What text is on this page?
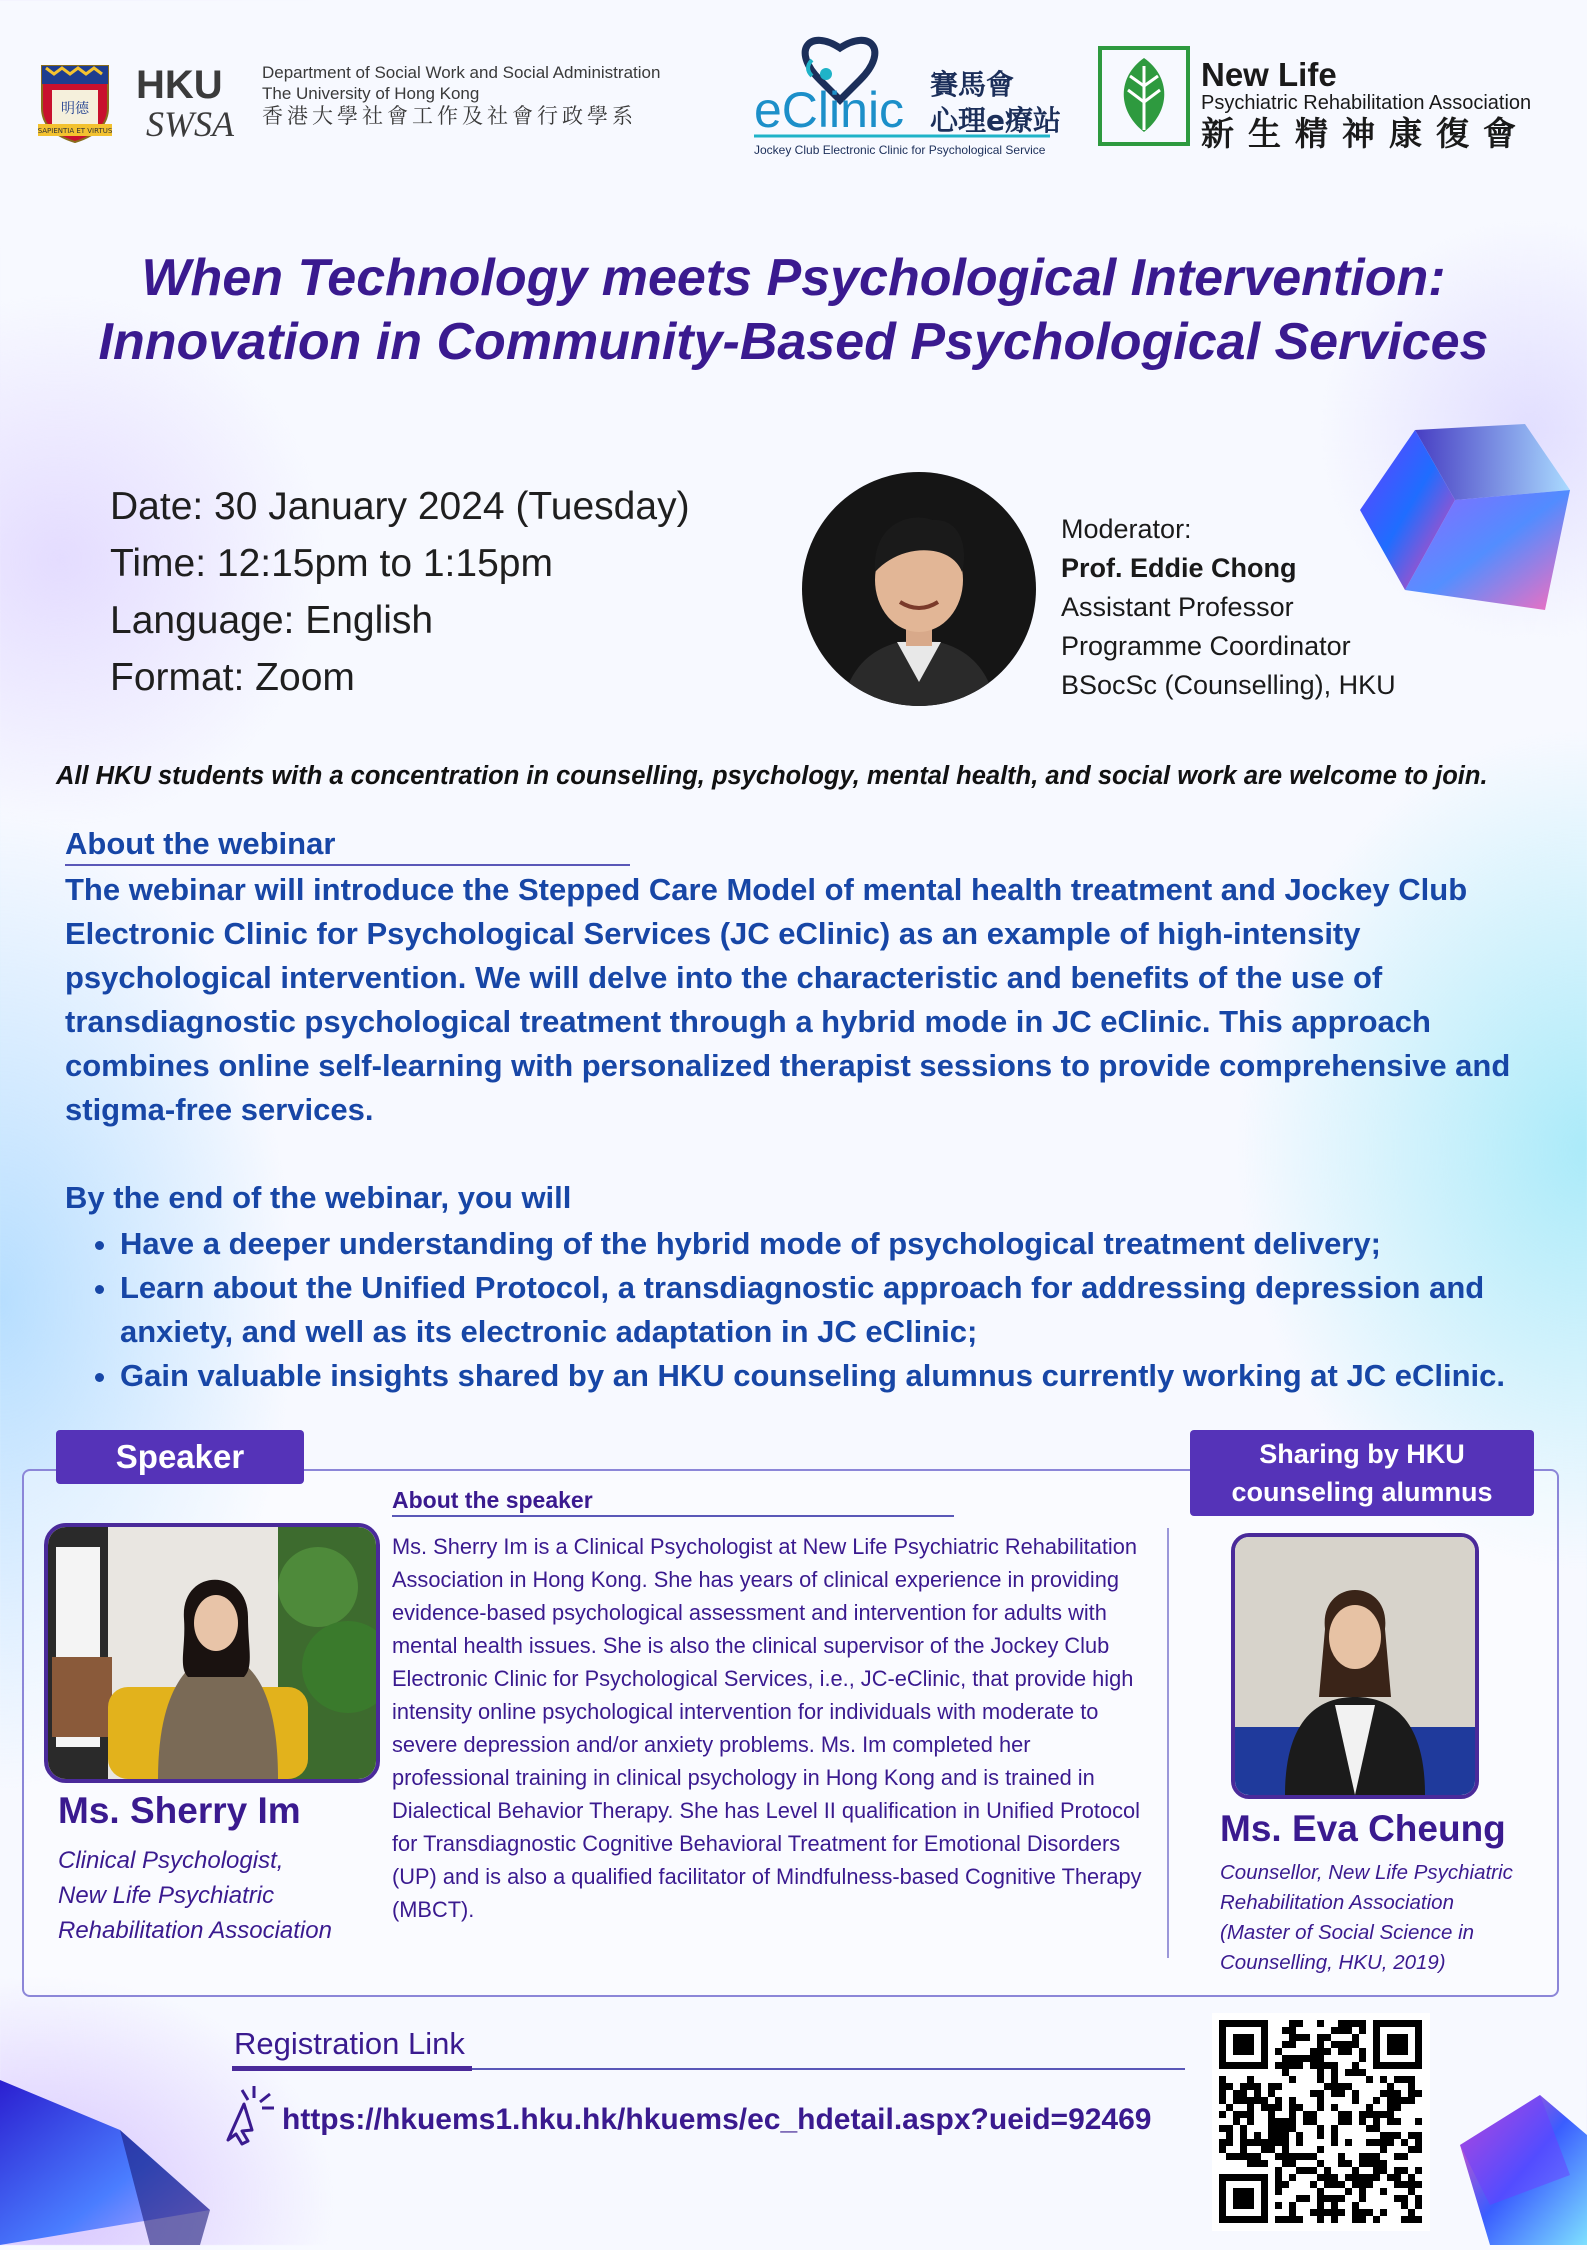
明德
SAPIENTIA ET VIRTUS
HKU
SWSA
Department of Social Work and Social Administration
The University of Hong Kong
香港大學社會工作及社會行政學系	eClinic 賽馬會
心理e療站
Jockey Club Electronic Clinic for Psychological Service
New Life
Psychiatric Rehabilitation Association
新生精神康復會
When Technology meets Psychological Intervention:
Innovation in Community-Based Psychological Services
Date: 30 January 2024 (Tuesday)
Time: 12:15pm to 1:15pm
Language: English
Format: Zoom
Moderator:
Prof. Eddie Chong
Assistant Professor
Programme Coordinator
BSocSc (Counselling), HKU
All HKU students with a concentration in counselling, psychology, mental health, and social work are welcome to join.
About the webinar
The webinar will introduce the Stepped Care Model of mental health treatment and Jockey Club Electronic Clinic for Psychological Services (JC eClinic) as an example of high-intensity psychological intervention. We will delve into the characteristic and benefits of the use of transdiagnostic psychological treatment through a hybrid mode in JC eClinic. This approach combines online self-learning with personalized therapist sessions to provide comprehensive and stigma-free services.
By the end of the webinar, you will
• Have a deeper understanding of the hybrid mode of psychological treatment delivery;
• Learn about the Unified Protocol, a transdiagnostic approach for addressing depression and anxiety, and well as its electronic adaptation in JC eClinic;
• Gain valuable insights shared by an HKU counseling alumnus currently working at JC eClinic.
Speaker	Sharing by HKU
counseling alumnus
Ms. Sherry Im
Clinical Psychologist, New Life Psychiatric Rehabilitation Association
About the speaker
Ms. Sherry Im is a Clinical Psychologist at New Life Psychiatric Rehabilitation Association in Hong Kong. She has years of clinical experience in providing evidence-based psychological assessment and intervention for adults with mental health issues. She is also the clinical supervisor of the Jockey Club Electronic Clinic for Psychological Services, i.e., JC-eClinic, that provide high intensity online psychological intervention for individuals with moderate to severe depression and/or anxiety problems. Ms. Im completed her professional training in clinical psychology in Hong Kong and is trained in Dialectical Behavior Therapy. She has Level II qualification in Unified Protocol for Transdiagnostic Cognitive Behavioral Treatment for Emotional Disorders (UP) and is also a qualified facilitator of Mindfulness-based Cognitive Therapy (MBCT).
Ms. Eva Cheung
Counsellor, New Life Psychiatric
Rehabilitation Association
(Master of Social Science in
Counselling, HKU, 2019)
Registration Link
https://hkuems1.hku.hk/hkuems/ec_hdetail.aspx?ueid=92469
